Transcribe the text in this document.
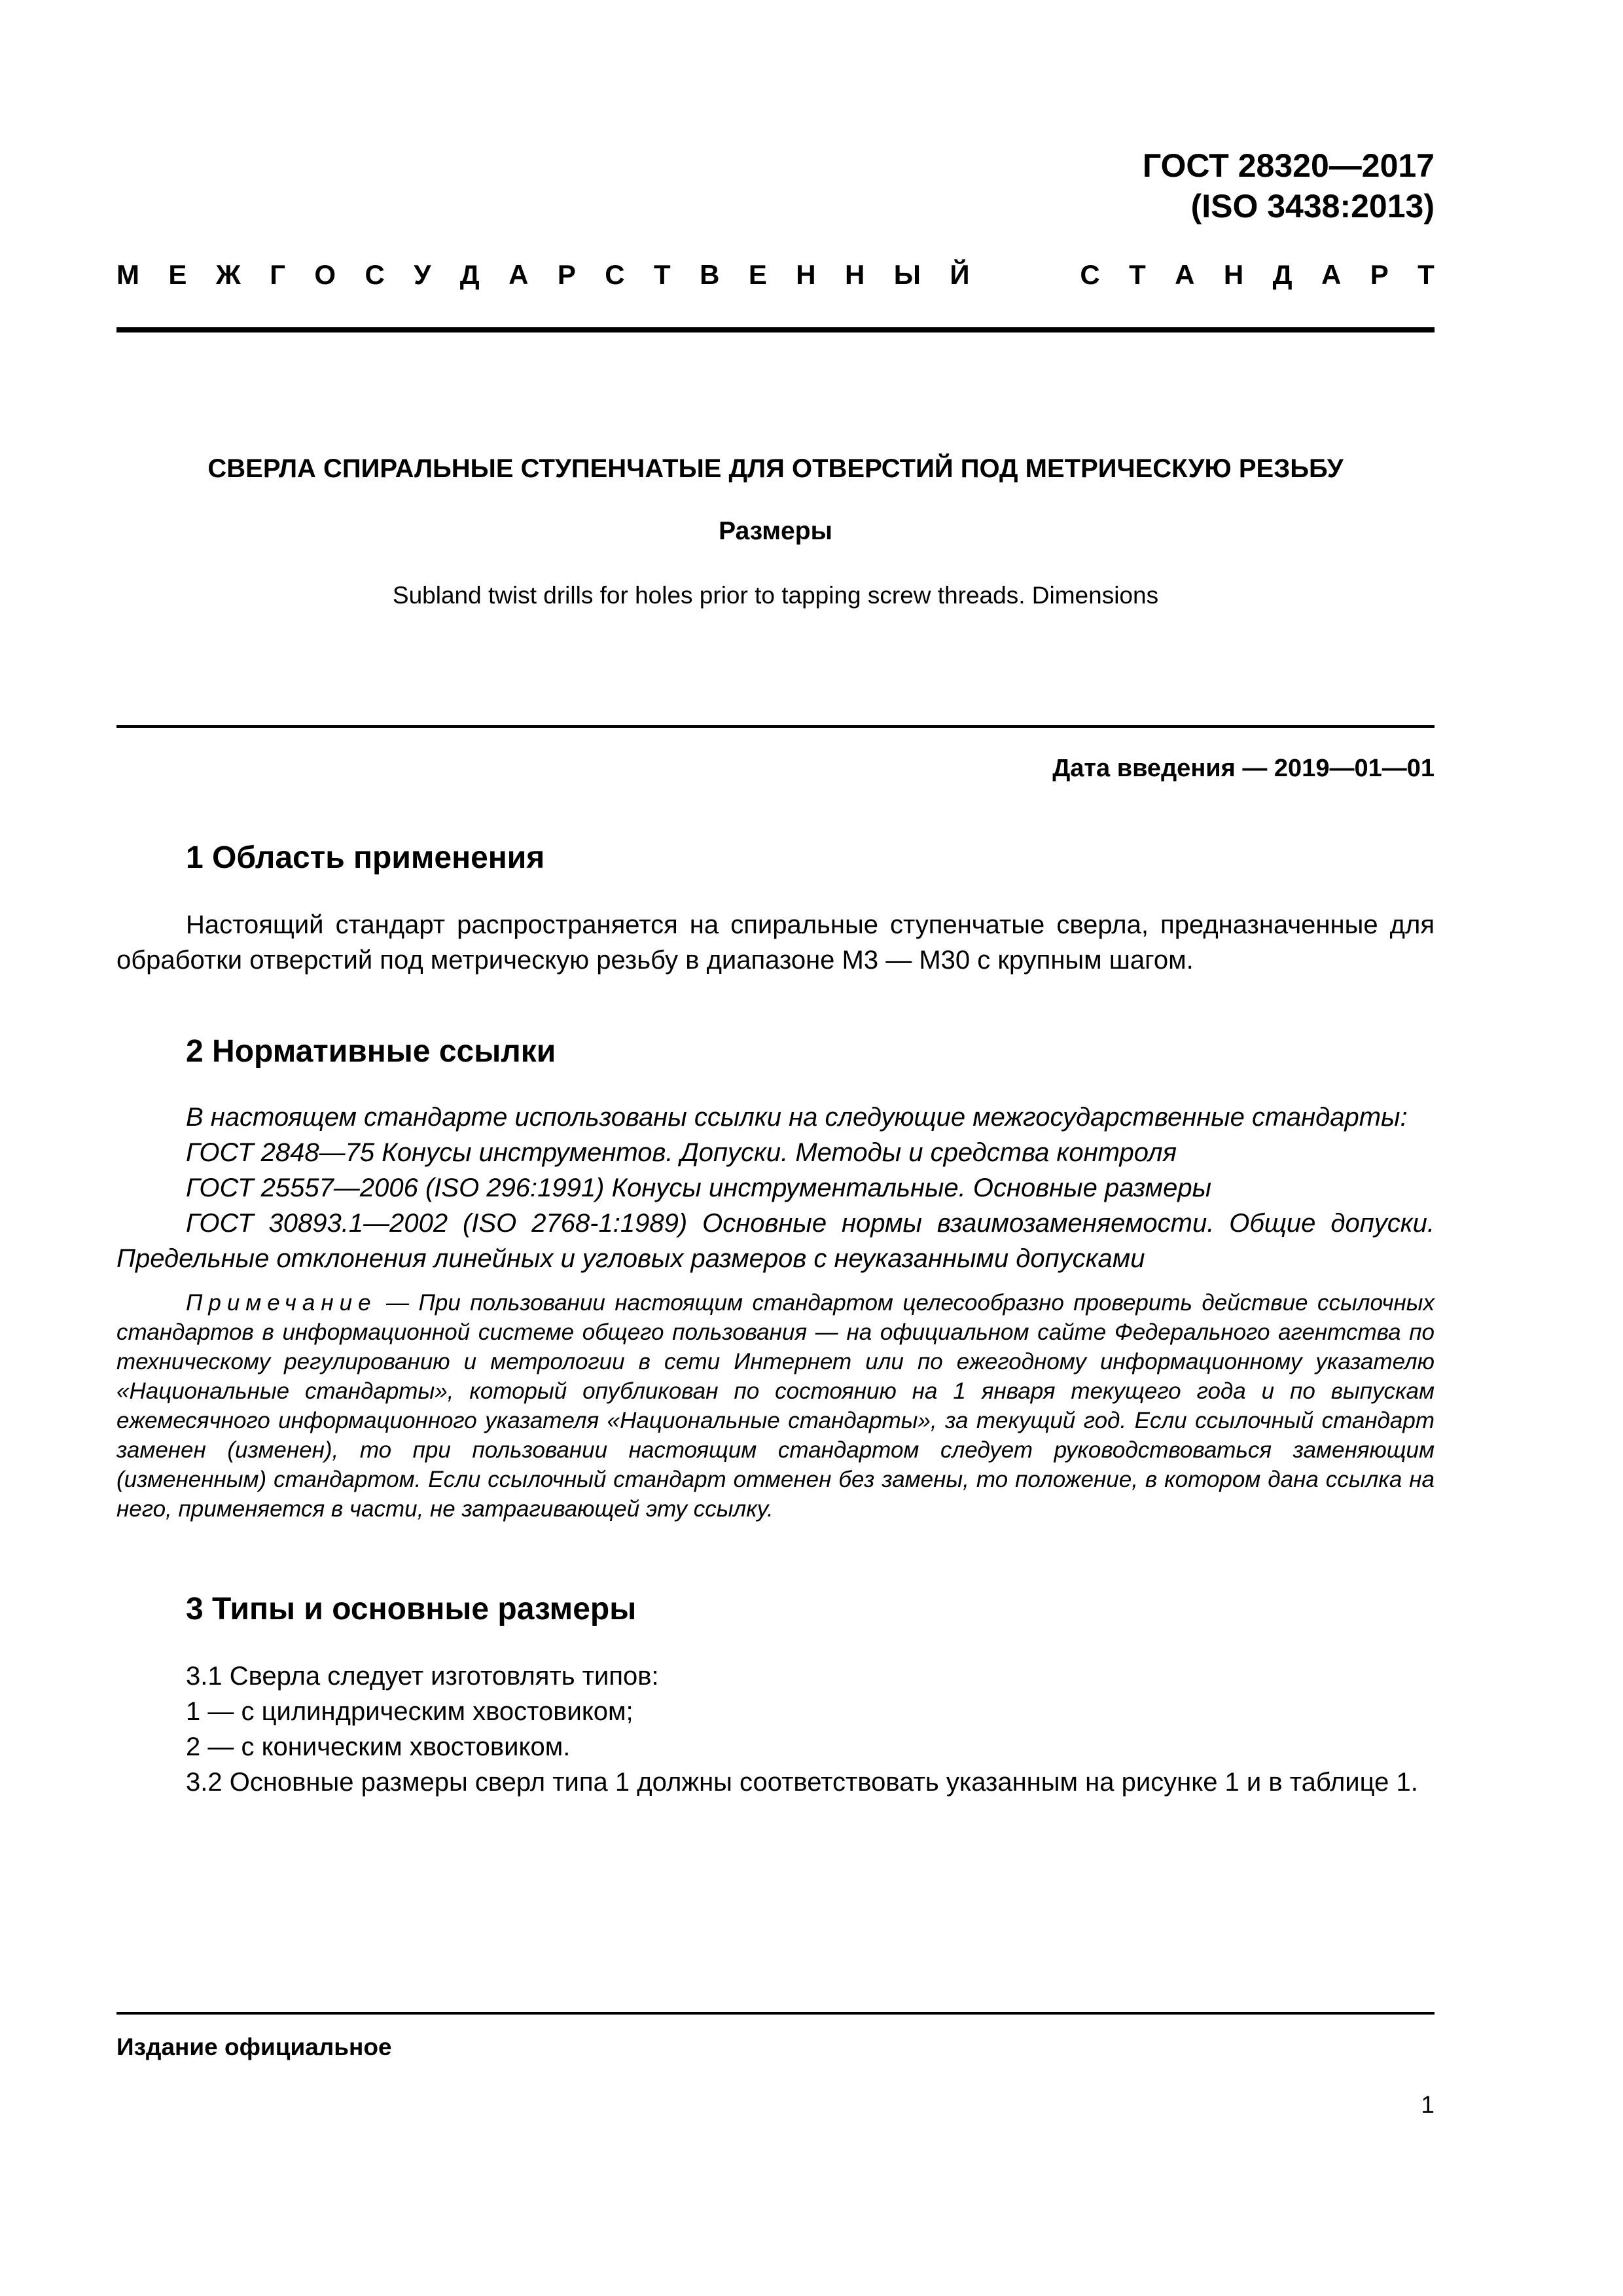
ГОСТ 28320—2017
(ISO 3438:2013)
М Е Ж Г О С У Д А Р С Т В Е Н Н Ы Й	С Т А Н Д А Р Т
СВЕРЛА СПИРАЛЬНЫЕ СТУПЕНЧАТЫЕ ДЛЯ ОТВЕРСТИЙ ПОД МЕТРИЧЕСКУЮ РЕЗЬБУ
Размеры
Subland twist drills for holes prior to tapping screw threads. Dimensions
Дата введения — 2019—01—01
1 Область применения
Настоящий стандарт распространяется на спиральные ступенчатые сверла, предназначенные для обработки отверстий под метрическую резьбу в диапазоне M3 — M30 с крупным шагом.
2 Нормативные ссылки
В настоящем стандарте использованы ссылки на следующие межгосударственные стандарты:
ГОСТ 2848—75 Конусы инструментов. Допуски. Методы и средства контроля
ГОСТ 25557—2006 (ISO 296:1991) Конусы инструментальные. Основные размеры
ГОСТ 30893.1—2002 (ISO 2768-1:1989) Основные нормы взаимозаменяемости. Общие допуски.
Предельные отклонения линейных и угловых размеров с неуказанными допусками
Примечание — При пользовании настоящим стандартом целесообразно проверить действие ссылочных стандартов в информационной системе общего пользования — на официальном сайте Федерального агентства по техническому регулированию и метрологии в сети Интернет или по ежегодному информационному указателю «Национальные стандарты», который опубликован по состоянию на 1 января текущего года и по выпускам ежемесячного информационного указателя «Национальные стандарты», за текущий год. Если ссылочный стандарт заменен (изменен), то при пользовании настоящим стандартом следует руководствоваться заменяющим (измененным) стандартом. Если ссылочный стандарт отменен без замены, то положение, в котором дана ссылка на него, применяется в части, не затрагивающей эту ссылку.
3 Типы и основные размеры
3.1 Сверла следует изготовлять типов:
1 — с цилиндрическим хвостовиком;
2 — с коническим хвостовиком.
3.2 Основные размеры сверл типа 1 должны соответствовать указанным на рисунке 1 и в таблице 1.
Издание официальное
1
